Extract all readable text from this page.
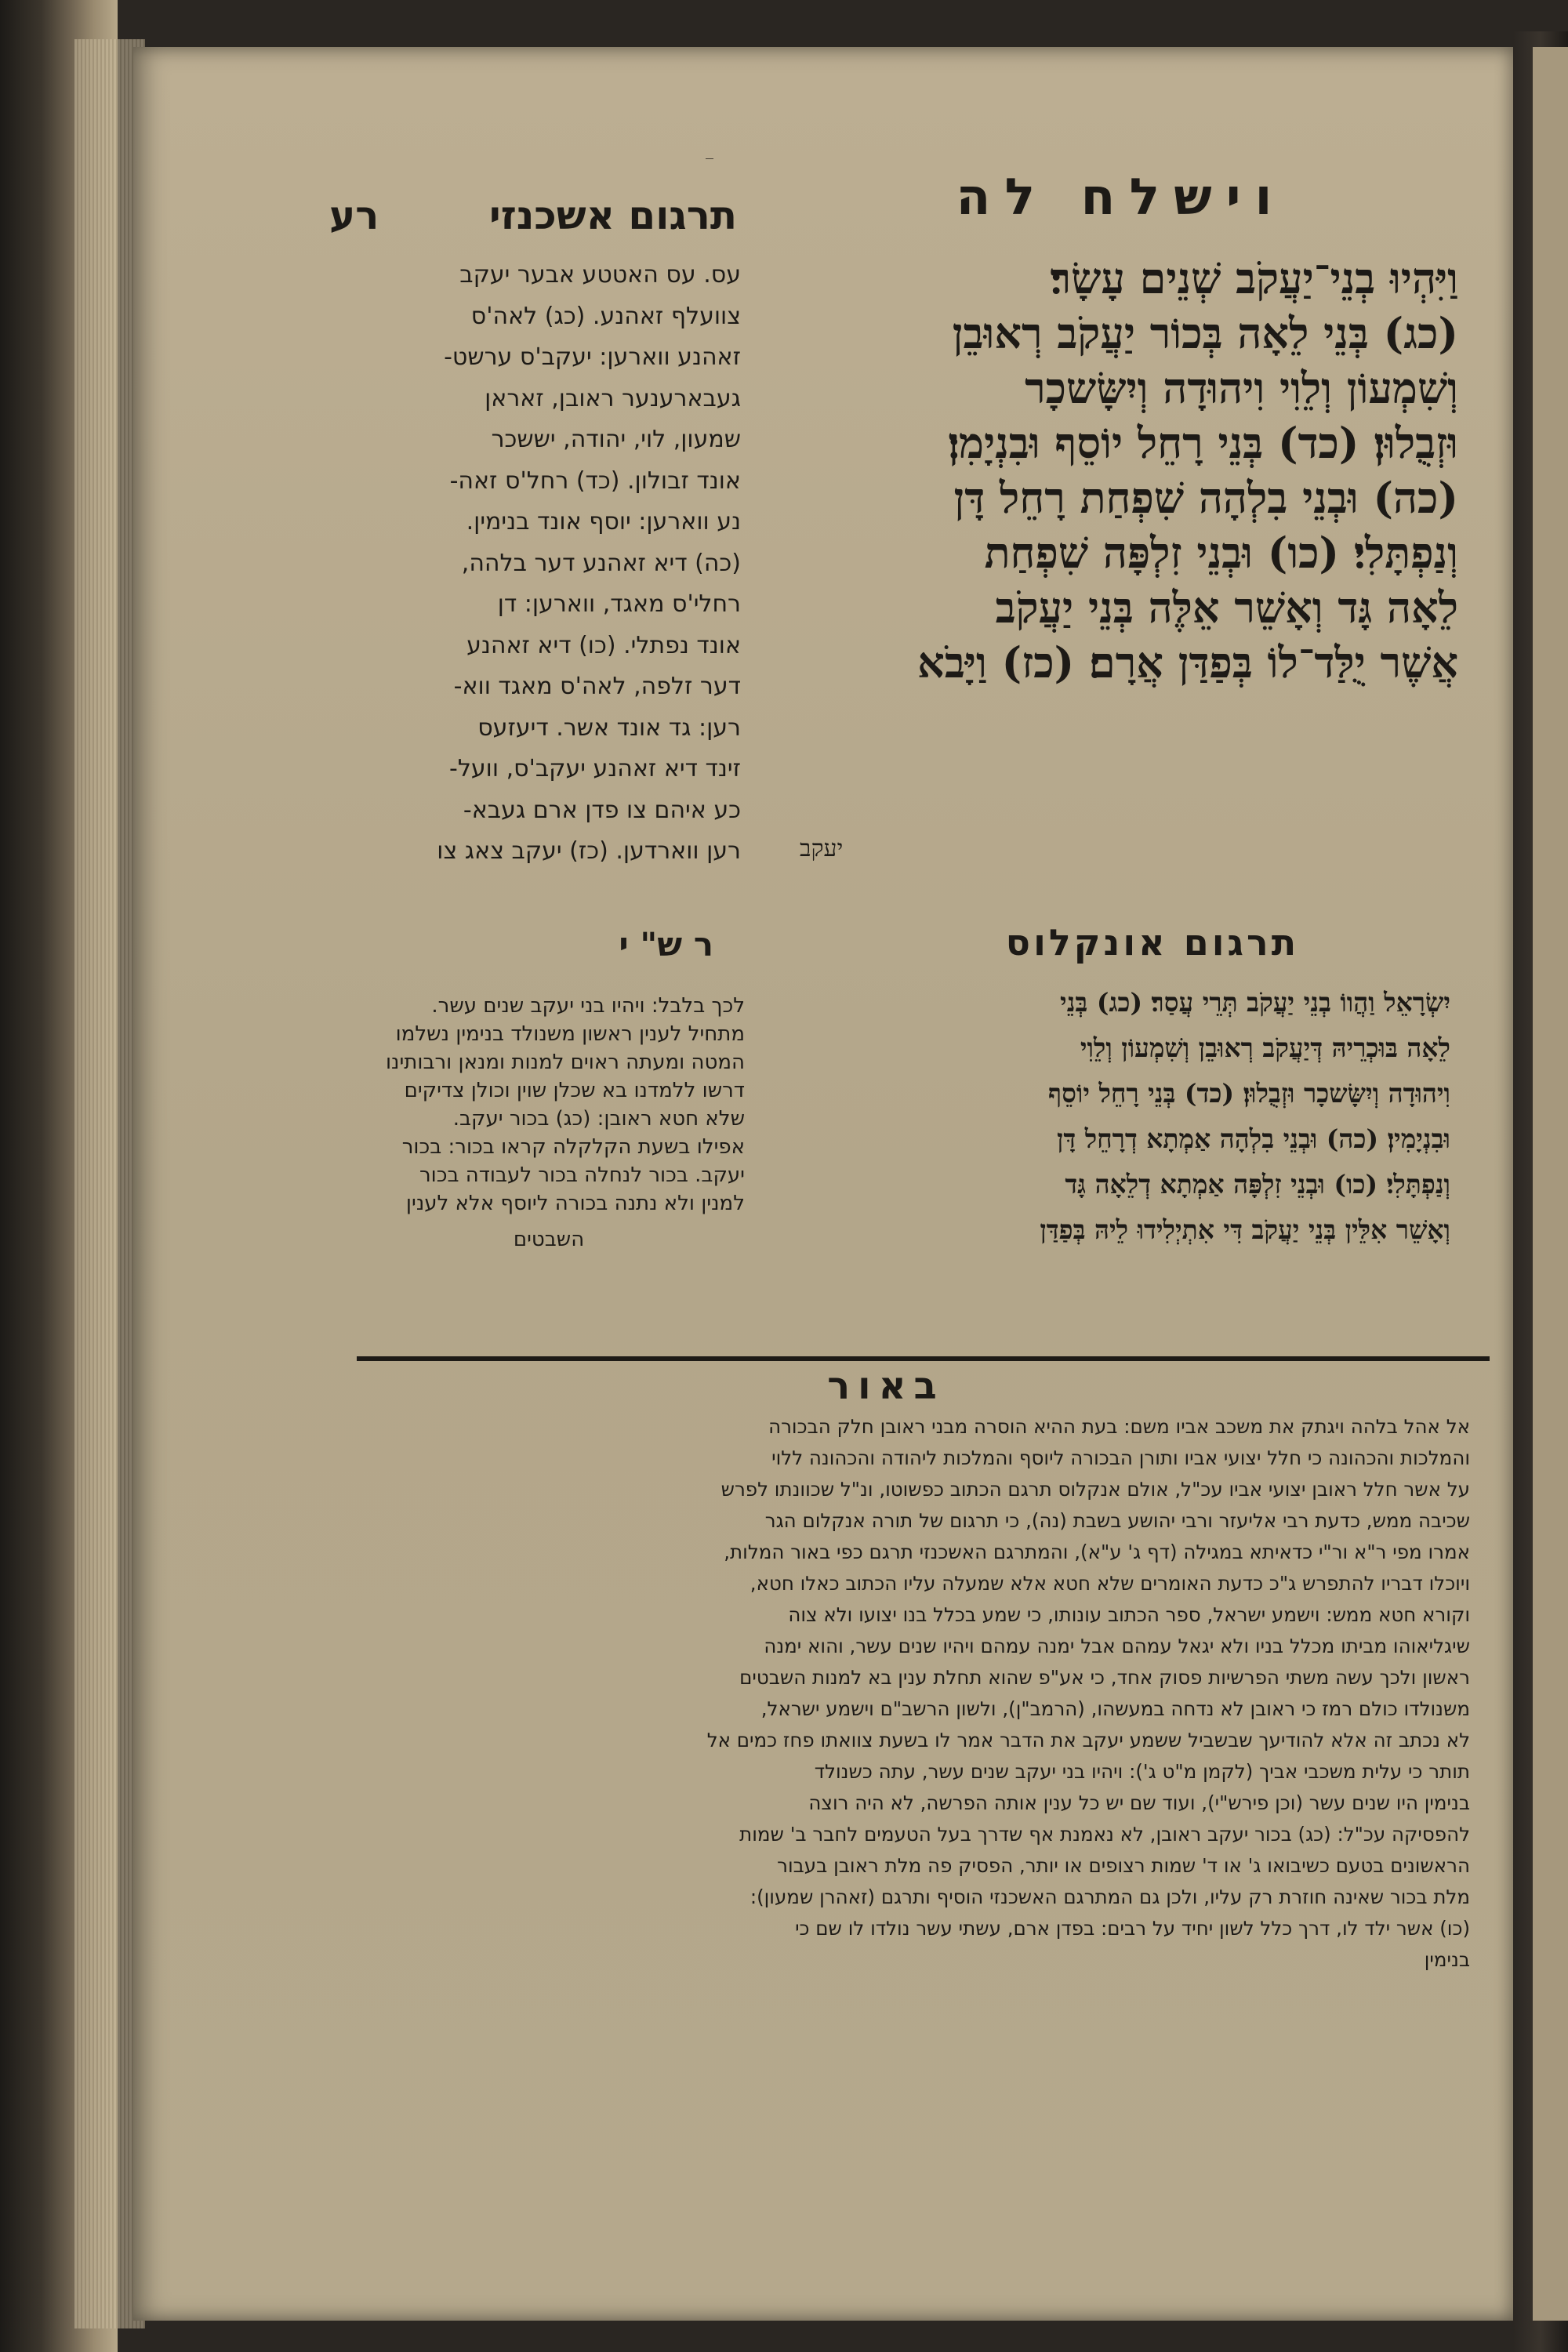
‾
תרגום אשכנזי
רע	וישלח לה

וַיִּהְיוּ בְנֵי־יַעֲקֹב שְׁנֵים עָשָׂר׃

(כג) בְּנֵי לֵאָה בְּכוֹר יַעֲקֹב רְאוּבֵן

וְשִׁמְעוֹן וְלֵוִי וִיהוּדָה וְיִשָּׂשכָר

וּזְבֻלוּן׃ (כד) בְּנֵי רָחֵל יוֹסֵף וּבִנְיָמִן׃

(כה) וּבְנֵי בִלְהָה שִׁפְחַת רָחֵל דָּן

וְנַפְתָּלִי׃ (כו) וּבְנֵי זִלְפָּה שִׁפְחַת

לֵאָה גָּד וְאָשֵׁר אֵלֶּה בְּנֵי יַעֲקֹב

אֲשֶׁר יֻלַּד־לוֹ בְּפַדַּן אֲרָם׃ (כז) וַיָּבֹא

יעקב

עס. עס האטטע אבער יעקב

צוועלף זאהנע. (כג) לאה'ס

זאהנע ווארען: יעקב'ס ערשט-

געבארענער ראובן, זאראן

שמעון, לוי, יהודה, יששכר

אונד זבולון. (כד) רחל'ס זאה-

נע ווארען: יוסף אונד בנימין.

(כה) דיא זאהנע דער בלהה,

רחלי'ס מאגד, ווארען: דן

אונד נפתלי. (כו) דיא זאהנע

דער זלפה, לאה'ס מאגד ווא-

רען: גד אונד אשר. דיעזעס

זינד דיא זאהנע יעקב'ס, וועל-

כע איהם צו פדן ארם געבא-

רען ווארדען. (כז) יעקב צאג צו

ר ש" י

לכך בלבל: ויהיו בני יעקב שנים עשר.

מתחיל לענין ראשון משנולד בנימין נשלמו

המטה ומעתה ראוים למנות ומנאן ורבותינו

דרשו ללמדנו בא שכלן שוין וכולן צדיקים

שלא חטא ראובן: (כג) בכור יעקב.

אפילו בשעת הקלקלה קראו בכור: בכור

יעקב. בכור לנחלה בכור לעבודה בכור

למנין ולא נתנה בכורה ליוסף אלא לענין

השבטים

תרגום אונקלוס

יִשְׂרָאֵל וַהֲווֹ בְנֵי יַעֲקֹב תְּרֵי עֲסַר׃ (כג) בְּנֵי

לֵאָה בּוּכְרֵיהּ דְּיַעֲקֹב רְאוּבֵן וְשִׁמְעוֹן וְלֵוִי

וִיהוּדָה וְיִשָּׂשכָר וּזְבֻלוּן׃ (כד) בְּנֵי רָחֵל יוֹסֵף

וּבִנְיָמִין׃ (כה) וּבְנֵי בִלְהָה אַמְתָא דְרָחֵל דָּן

וְנַפְתָּלִי׃ (כו) וּבְנֵי זִלְפָּה אַמְתָא דְלֵאָה גָּד

וְאָשֵׁר אִלֵּין בְּנֵי יַעֲקֹב דִּי אִתְיְלִידוּ לֵיהּ בְּפַדַּן

באור

אל אהל בלהה ויגתק את משכב אביו משם: בעת ההיא הוסרה מבני ראובן חלק הבכורה

והמלכות והכהונה כי חלל יצועי אביו ותורן הבכורה ליוסף והמלכות ליהודה והכהונה ללוי

על אשר חלל ראובן יצועי אביו עכ"ל, אולם אנקלוס תרגם הכתוב כפשוטו, ונ"ל שכוונתו לפרש

שכיבה ממש, כדעת רבי אליעזר ורבי יהושע בשבת (נה), כי תרגום של תורה אנקלום הגר

אמרו מפי ר"א ור"י כדאיתא במגילה (דף ג' ע"א), והמתרגם האשכנזי תרגם כפי באור המלות,

ויוכלו דבריו להתפרש ג"כ כדעת האומרים שלא חטא אלא שמעלה עליו הכתוב כאלו חטא,

וקורא חטא ממש: וישמע ישראל, ספר הכתוב עונותו, כי שמע בכלל בנו יצועו ולא צוה

שיגליאוהו מביתו מכלל בניו ולא יגאל עמהם אבל ימנה עמהם ויהיו שנים עשר, והוא ימנה

ראשון ולכך עשה משתי הפרשיות פסוק אחד, כי אע"פ שהוא תחלת ענין בא למנות השבטים

משנולדו כולם רמז כי ראובן לא נדחה במעשהו, (הרמב"ן), ולשון הרשב"ם וישמע ישראל,

לא נכתב זה אלא להודיעך שבשביל ששמע יעקב את הדבר אמר לו בשעת צוואתו פחז כמים אל

תותר כי עלית משכבי אביך (לקמן מ"ט ג'): ויהיו בני יעקב שנים עשר, עתה כשנולד

בנימין היו שנים עשר (וכן פירש"י), ועוד שם יש כל ענין אותה הפרשה, לא היה רוצה

להפסיקה עכ"ל: (כג) בכור יעקב ראובן, לא נאמנת אף שדרך בעל הטעמים לחבר ב' שמות

הראשונים בטעם כשיבואו ג' או ד' שמות רצופים או יותר, הפסיק פה מלת ראובן בעבור

מלת בכור שאינה חוזרת רק עליו, ולכן גם המתרגם האשכנזי הוסיף ותרגם (זאהרן שמעון):

(כו) אשר ילד לו, דרך כלל לשון יחיד על רבים: בפדן ארם, עשתי עשר נולדו לו שם כי

בנימין
